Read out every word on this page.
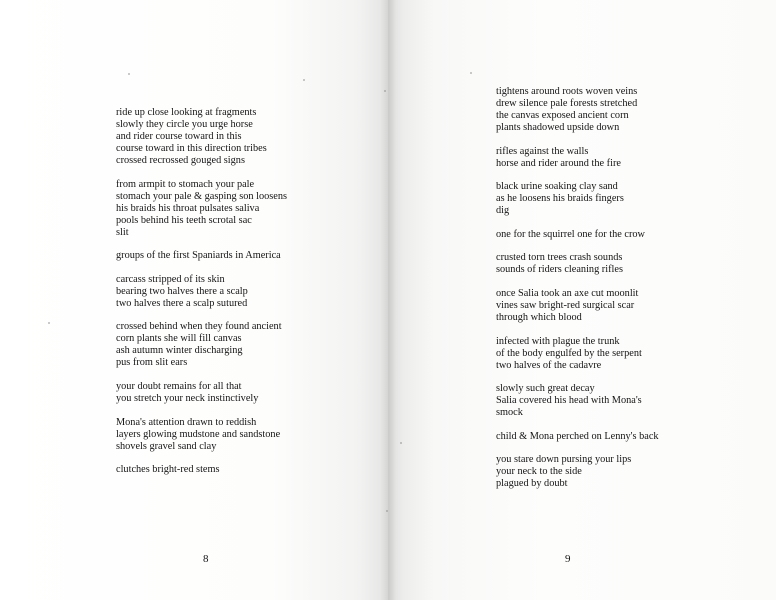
ride up close looking at fragments
slowly they circle you urge horse
and rider course toward in this
course toward in this direction tribes
crossed recrossed gouged signs
from armpit to stomach your pale
stomach your pale & gasping son loosens
his braids his throat pulsates saliva
pools behind his teeth scrotal sac
slit
groups of the first Spaniards in America
carcass stripped of its skin
bearing two halves there a scalp
two halves there a scalp sutured
crossed behind when they found ancient
corn plants she will fill canvas
ash autumn winter discharging
pus from slit ears
your doubt remains for all that
you stretch your neck instinctively
Mona's attention drawn to reddish
layers glowing mudstone and sandstone
shovels gravel sand clay
clutches bright-red stems
8
tightens around roots woven veins
drew silence pale forests stretched
the canvas exposed ancient corn
plants shadowed upside down
rifles against the walls
horse and rider around the fire
black urine soaking clay sand
as he loosens his braids fingers
dig
one for the squirrel one for the crow
crusted torn trees crash sounds
sounds of riders cleaning rifles
once Salia took an axe cut moonlit
vines saw bright-red surgical scar
through which blood
infected with plague the trunk
of the body engulfed by the serpent
two halves of the cadavre
slowly such great decay
Salia covered his head with Mona's
smock
child & Mona perched on Lenny's back
you stare down pursing your lips
your neck to the side
plagued by doubt
9
